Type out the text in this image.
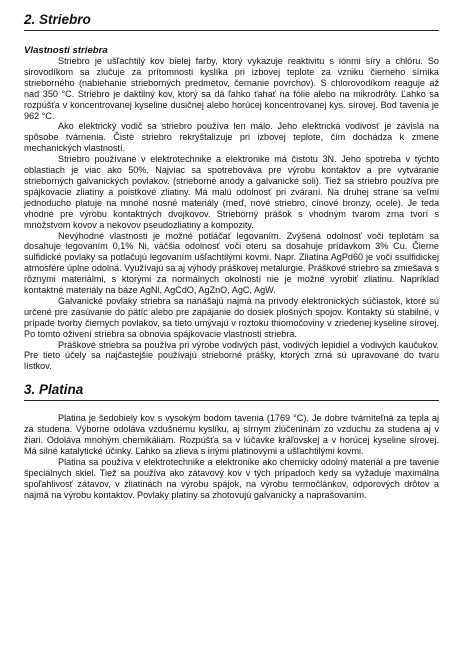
2. Striebro
Vlastnosti striebra

Striebro je ušľachtilý kov bielej farby, ktorý vykazuje reaktivitu s iónmi síry a chlóru. So sirovodíkom sa zlučuje za prítomnosti kyslíka pri izbovej teplote za vzniku čierneho sírnika strieborného (nabiehanie strieborných predmetov, černanie povrchov). S chlorovodíkom reaguje až nad 350 °C. Striebro je daktilný kov, ktorý sa dá ľahko ťahať na fólie alebo na mikrodrôty. Ľahko sa rozpúšťa v koncentrovanej kyseline dusičnej alebo horúcej koncentrovanej kys. sírovej. Bod tavenia je 962 °C.

Ako elektrický vodič sa striebro používa len málo. Jeho elektrická vodivosť je závislá na spôsobe tvárnenia. Čisté striebro rekryštalizuje pri izbovej teplote, čím dochádza k zmene mechanických vlastností.

Striebro používané v elektrotechnike a elektronike má čistotu 3N. Jeho spotreba v týchto oblastiach je viac ako 50%. Najviac sa spotrebováva pre výrobu kontaktov a pre vytváranie strieborných galvanických povlakov. (strieborné anódy a galvanické soli). Tiež sa striebro používa pre spájkovacie zliatiny a poistkové zliatiny. Má malú odolnosť pri zváraní. Na druhej strane sa veľmi jednoducho platuje na mnohé nosné materiály (meď, nové striebro, cínové bronzy, ocele). Je teda vhodné pre výrobu kontaktných dvojkovov. Strieborný prášok s vhodným tvarom zrna tvorí s množstvom kovov a nekovov pseudozliatiny a kompozity.

Nevýhodné vlastnosti je možné potláčať legovaním. Zvýšená odolnosť voči teplotám sa dosahuje legovaním 0,1% Ni, väčšia odolnosť voči oteru sa dosahuje prídavkom 3% Cu. Čierne sulfidické povlaky sa potlačujú legovaním ušľachtilými kovmi. Napr. Zliatina AgPd60 je voči ssulfidickej atmosfére úplne odolná. Využívajú sa aj výhody práškovej metalurgie. Práškové striebro sa zmiešava s rôznymi materiálmi, s ktorými za normálnych okolností nie je možné vyrobiť zliatinu. Napríklad kontaktné materiály na báze AgNi, AgCdO, AgZnO, AgC, AgW.

Galvanické povlaky striebra sa nanášajú najmä na prívody elektronických súčiastok, ktoré sú určené pre zasúvanie do pätíc alebo pre zapájanie do dosiek plošných spojov. Kontakty sú stabilné, v prípade tvorby čiernych povlakov, sa tieto umývajú v roztoku thiomočoviny v zriedenej kyseline sírovej. Po tomto oživení striebra sa obnovia spájkovacie vlastnosti striebra.

Práškové striebra sa používa pri výrobe vodivých pást, vodivých lepidiel a vodivých kaučukov. Pre tieto účely sa najčastejšie používajú strieborné prášky, ktorých zrná sú upravované do tvaru lístkov.

3. Platina

Platina je šedobiely kov s vysokým bodom tavenia (1769 °C). Je dobre tvárniteľná za tepla aj za studena. Výborne odoláva vzdušnému kyslíku, aj sírnym zlúčeninám zo vzduchu za studena aj v žiari. Odoláva mnohým chemikáliám. Rozpúšťa sa v lúčavke kráľovskej a v horúcej kyseline sírovej. Má silné katalytické účinky. Ľahko sa zlieva s inými platinovými a ušľachtilými kovmi.

Platina sa používa v elektrotechnike a elektronike ako chemicky odolný materiál a pre tavenie špeciálnych skiel. Tiež sa používa ako zátavový kov v tých prípadoch kedy sa vyžaduje maximálna spoľahlivosť zátavov, v zliatinách na výrobu spájok, na výrobu termočlánkov, odporových drôtov a najmä na výrobu kontaktov. Povlaky platiny sa zhotovujú galvanicky a naprašovaním.
